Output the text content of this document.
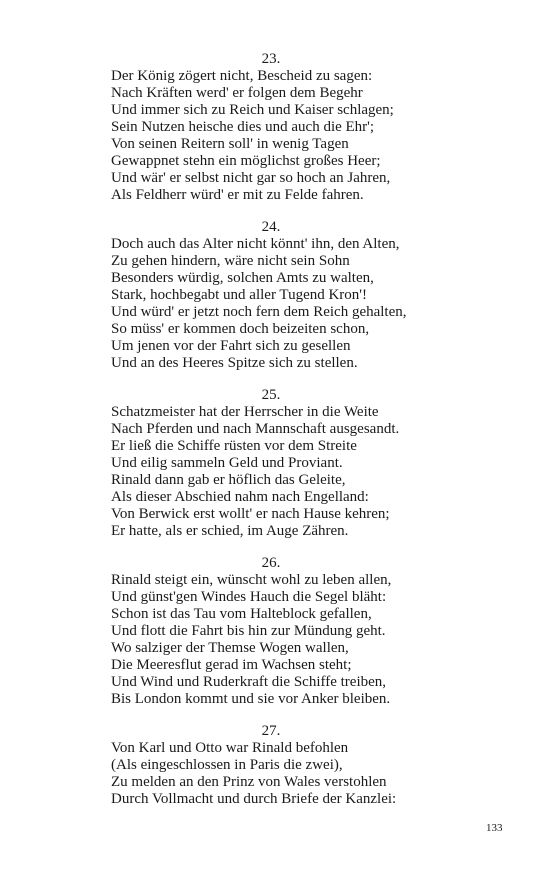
23.
Der König zögert nicht, Bescheid zu sagen:
Nach Kräften werd' er folgen dem Begehr
Und immer sich zu Reich und Kaiser schlagen;
Sein Nutzen heische dies und auch die Ehr';
Von seinen Reitern soll' in wenig Tagen
Gewappnet stehn ein möglichst großes Heer;
Und wär' er selbst nicht gar so hoch an Jahren,
Als Feldherr würd' er mit zu Felde fahren.
24.
Doch auch das Alter nicht könnt' ihn, den Alten,
Zu gehen hindern, wäre nicht sein Sohn
Besonders würdig, solchen Amts zu walten,
Stark, hochbegabt und aller Tugend Kron'!
Und würd' er jetzt noch fern dem Reich gehalten,
So müss' er kommen doch beizeiten schon,
Um jenen vor der Fahrt sich zu gesellen
Und an des Heeres Spitze sich zu stellen.
25.
Schatzmeister hat der Herrscher in die Weite
Nach Pferden und nach Mannschaft ausgesandt.
Er ließ die Schiffe rüsten vor dem Streite
Und eilig sammeln Geld und Proviant.
Rinald dann gab er höflich das Geleite,
Als dieser Abschied nahm nach Engelland:
Von Berwick erst wollt' er nach Hause kehren;
Er hatte, als er schied, im Auge Zähren.
26.
Rinald steigt ein, wünscht wohl zu leben allen,
Und günst'gen Windes Hauch die Segel bläht:
Schon ist das Tau vom Halteblock gefallen,
Und flott die Fahrt bis hin zur Mündung geht.
Wo salziger der Themse Wogen wallen,
Die Meeresflut gerad im Wachsen steht;
Und Wind und Ruderkraft die Schiffe treiben,
Bis London kommt und sie vor Anker bleiben.
27.
Von Karl und Otto war Rinald befohlen
(Als eingeschlossen in Paris die zwei),
Zu melden an den Prinz von Wales verstohlen
Durch Vollmacht und durch Briefe der Kanzlei:
133
